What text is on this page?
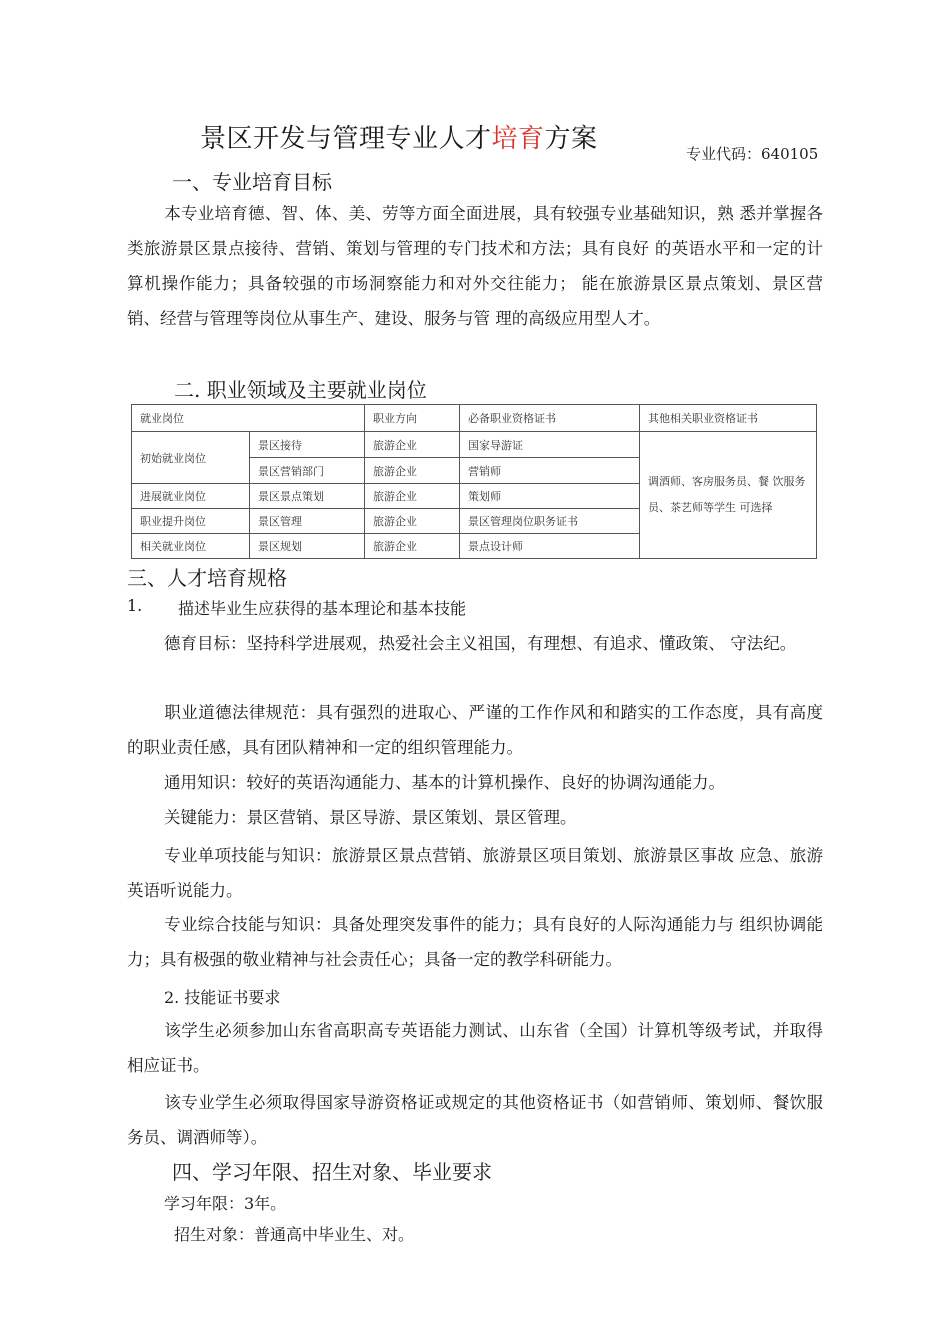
景区开发与管理专业人才培育方案	专业代码：640105
一、专业培育目标
本专业培育德、智、体、美、劳等方面全面进展，具有较强专业基础知识，熟 悉并掌握各类旅游景区景点接待、营销、策划与管理的专门技术和方法；具有良好 的英语水平和一定的计算机操作能力；具备较强的市场洞察能力和对外交往能力； 能在旅游景区景点策划、景区营销、经营与管理等岗位从事生产、建设、服务与管 理的高级应用型人才。
二. 职业领域及主要就业岗位
就业岗位		职业方向	必备职业资格证书	其他相关职业资格证书
初始就业岗位	景区接待	旅游企业	国家导游证	调酒师、客房服务员、餐 饮服务员、茶艺师等学生 可选择
	景区营销部门	旅游企业	营销师	
进展就业岗位	景区景点策划	旅游企业	策划师	
职业提升岗位	景区管理	旅游企业	景区管理岗位职务证书	
相关就业岗位	景区规划	旅游企业	景点设计师	
三、人才培育规格
1. 描述毕业生应获得的基本理论和基本技能
德育目标：坚持科学进展观，热爱社会主义祖国，有理想、有追求、懂政策、 守法纪。
职业道德法律规范：具有强烈的进取心、严谨的工作作风和和踏实的工作态度，具有高度的职业责任感，具有团队精神和一定的组织管理能力。
通用知识：较好的英语沟通能力、基本的计算机操作、良好的协调沟通能力。
关键能力：景区营销、景区导游、景区策划、景区管理。
专业单项技能与知识：旅游景区景点营销、旅游景区项目策划、旅游景区事故 应急、旅游英语听说能力。
专业综合技能与知识：具备处理突发事件的能力；具有良好的人际沟通能力与 组织协调能力；具有极强的敬业精神与社会责任心；具备一定的教学科研能力。
2. 技能证书要求
该学生必须参加山东省高职高专英语能力测试、山东省（全国）计算机等级考试，并取得相应证书。
该专业学生必须取得国家导游资格证或规定的其他资格证书（如营销师、策划师、餐饮服务员、调酒师等）。
四、学习年限、招生对象、毕业要求
学习年限：3年。
招生对象：普通高中毕业生、对。
